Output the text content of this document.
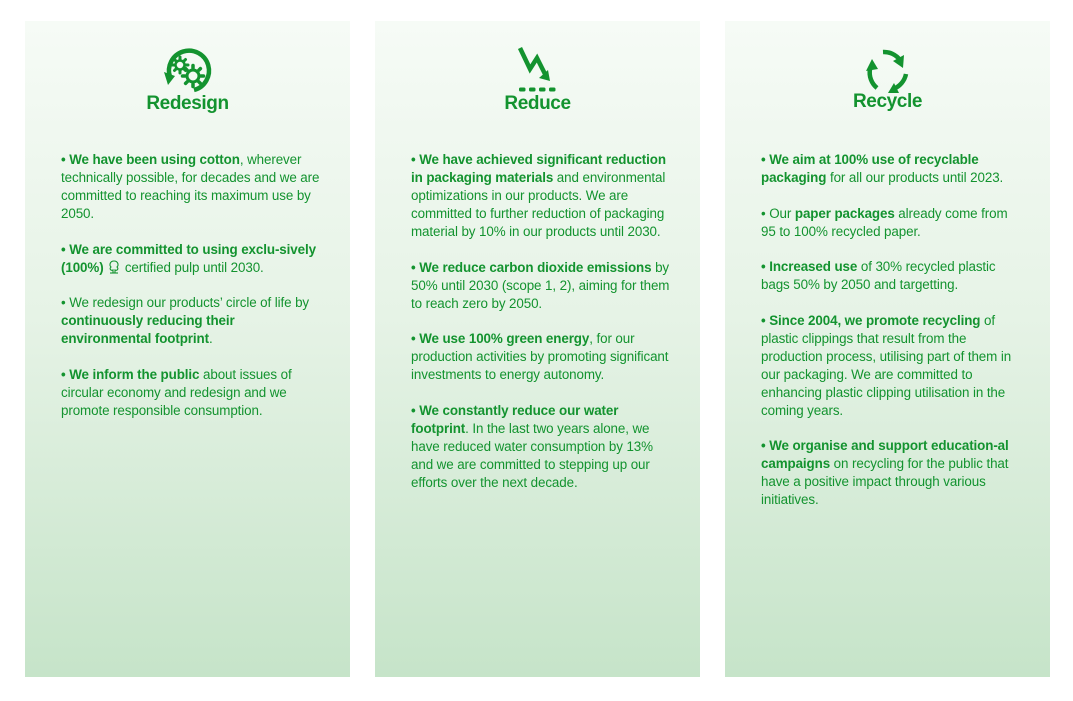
Redesign
• We have been using cotton, wherever technically possible, for decades and we are committed to reaching its maximum use by 2050.
• We are committed to using exclu-sively (100%)  certified pulp until 2030.
• We redesign our products’ circle of life by continuously reducing their environmental footprint.
• We inform the public about issues of circular economy and redesign and we promote responsible consumption.
Reduce
• We have achieved significant reduction in packaging materials and environmental optimizations in our products. We are committed to further reduction of packaging material by 10% in our products until 2030.
• We reduce carbon dioxide emissions by 50% until 2030 (scope 1, 2), aiming for them to reach zero by 2050.
• We use 100% green energy, for our production activities by promoting significant investments to energy autonomy.
• We constantly reduce our water footprint. In the last two years alone, we have reduced water consumption by 13% and we are committed to stepping up our efforts over the next decade.
Recycle
• We aim at 100% use of recyclable packaging for all our products until 2023.
• Our paper packages already come from 95 to 100% recycled paper.
• Increased use of 30% recycled plastic bags 50% by 2050 and targetting.
• Since 2004, we promote recycling of plastic clippings that result from the production process, utilising part of them in our packaging. We are committed to enhancing plastic clipping utilisation in the coming years.
• We organise and support education-al campaigns on recycling for the public that have a positive impact through various initiatives.
